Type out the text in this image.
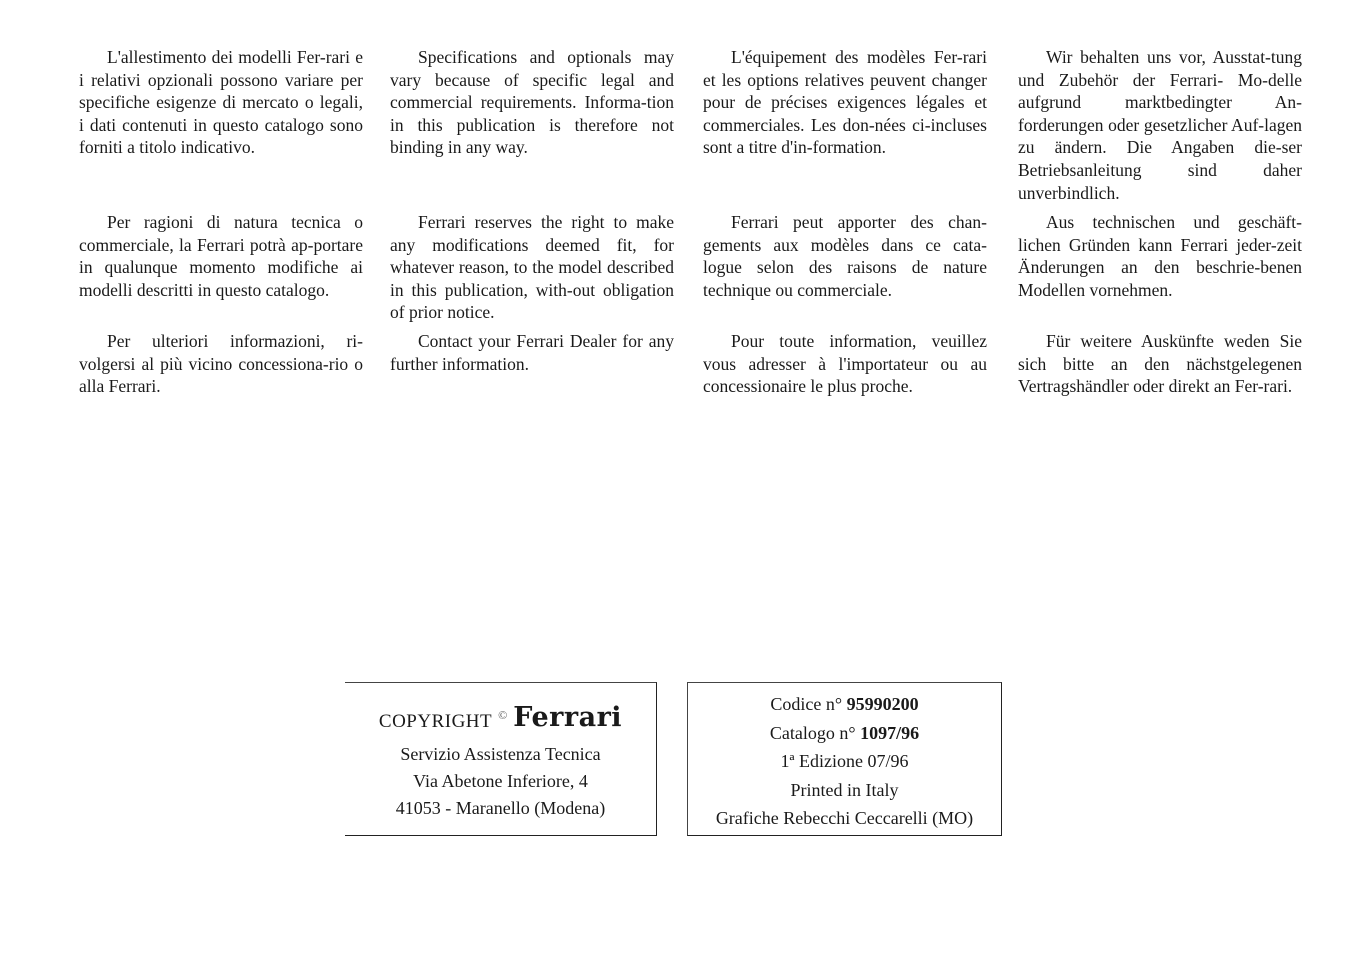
L'allestimento dei modelli Fer-rari e i relativi opzionali possono variare per specifiche esigenze di mercato o legali, i dati contenuti in questo catalogo sono forniti a titolo indicativo.

Per ragioni di natura tecnica o commerciale, la Ferrari potrà ap-portare in qualunque momento modifiche ai modelli descritti in questo catalogo.

Per ulteriori informazioni, ri-volgersi al più vicino concessiona-rio o alla Ferrari.

Specifications and optionals may vary because of specific legal and commercial requirements. Informa-tion in this publication is therefore not binding in any way.

Ferrari reserves the right to make any modifications deemed fit, for whatever reason, to the model described in this publication, with-out obligation of prior notice.

Contact your Ferrari Dealer for any further information.

L'équipement des modèles Fer-rari et les options relatives peuvent changer pour de précises exigences légales et commerciales. Les don-nées ci-incluses sont a titre d'in-formation.

Ferrari peut apporter des chan-gements aux modèles dans ce cata-logue selon des raisons de nature technique ou commerciale.

Pour toute information, veuillez vous adresser à l'importateur ou au concessionaire le plus proche.

Wir behalten uns vor, Ausstat-tung und Zubehör der Ferrari- Mo-delle aufgrund marktbedingter An-forderungen oder gesetzlicher Auf-lagen zu ändern. Die Angaben die-ser Betriebsanleitung sind daher unverbindlich.

Aus technischen und geschäft-lichen Gründen kann Ferrari jeder-zeit Änderungen an den beschrie-benen Modellen vornehmen.

Für weitere Auskünfte weden Sie sich bitte an den nächstgelegenen Vertragshändler oder direkt an Fer-rari.

COPYRIGHT © Ferrari
Servizio Assistenza Tecnica
Via Abetone Inferiore, 4
41053 - Maranello (Modena)
Codice n° 95990200
Catalogo n° 1097/96
1ª Edizione 07/96
Printed in Italy
Grafiche Rebecchi Ceccarelli (MO)
